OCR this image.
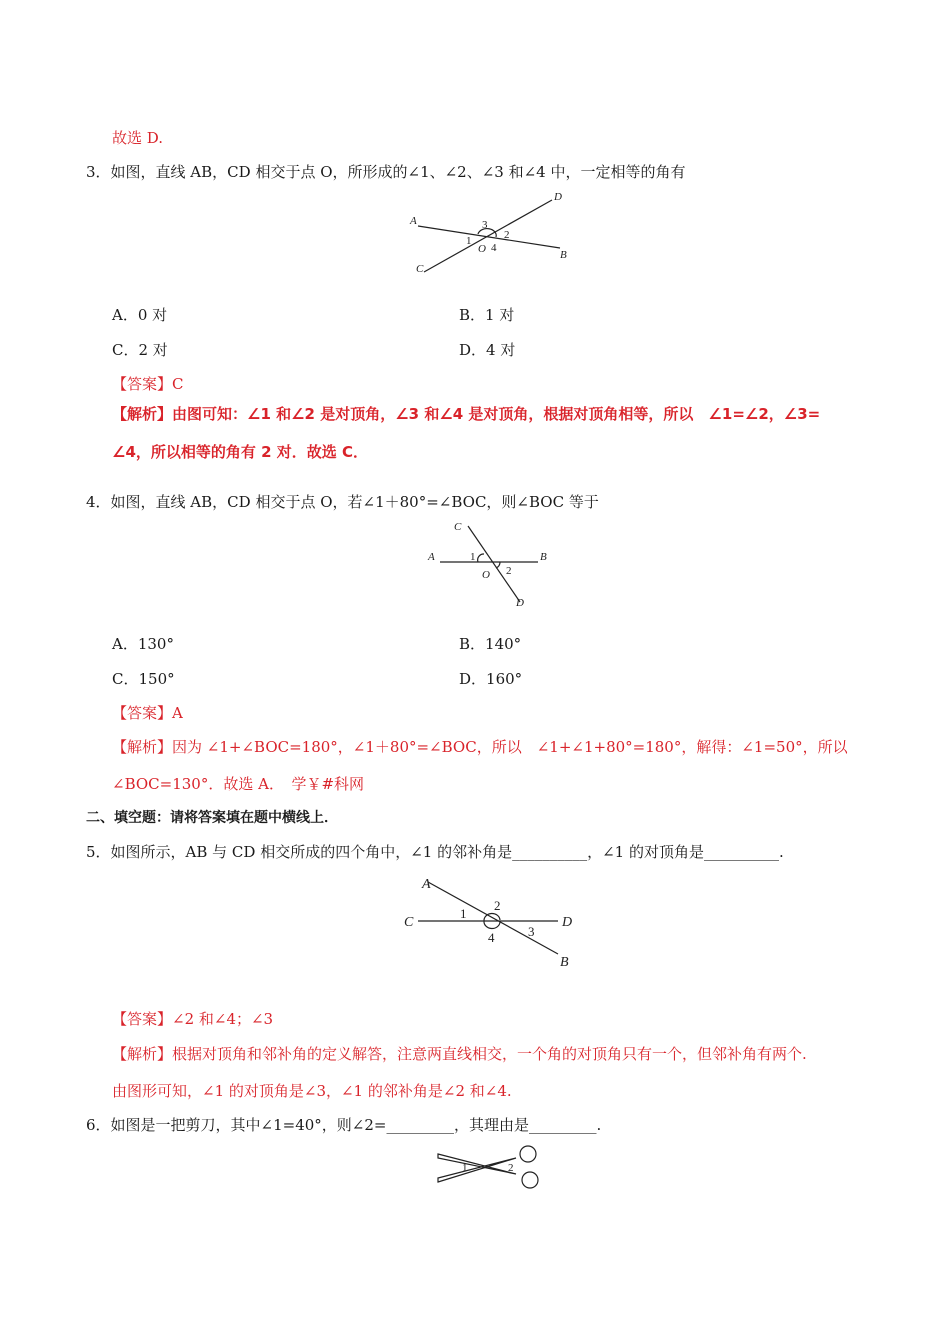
故选 D.
3．如图，直线 AB，CD 相交于点 O，所形成的∠1、∠2、∠3 和∠4 中，一定相等的角有
A
B
C
D
O
1	2
3
4
A．0 对	B．1 对
C．2 对	D．4 对
【答案】C
【解析】由图可知：∠1 和∠2 是对顶角，∠3 和∠4 是对顶角，根据对顶角相等，所以　∠1=∠2，∠3=
∠4，所以相等的角有 2 对．故选 C．
4．如图，直线 AB，CD 相交于点 O，若∠1＋80°=∠BOC，则∠BOC 等于
A	B
C
D
O
1
2
A．130°	B．140°
C．150°	D．160°
【答案】A
【解析】因为 ∠1+∠BOC=180°，∠1＋80°=∠BOC，所以　∠1+∠1+80°=180°，解得：∠1=50°，所以
∠BOC=130°．故选 A．　学￥#科网
二、填空题：请将答案填在题中横线上．
5．如图所示，AB 与 CD 相交所成的四个角中，∠1 的邻补角是__________，∠1 的对顶角是__________.
A
B
C	D
1
2
3
4
【答案】∠2 和∠4；∠3
【解析】根据对顶角和邻补角的定义解答，注意两直线相交，一个角的对顶角只有一个，但邻补角有两个.
由图形可知，∠1 的对顶角是∠3，∠1 的邻补角是∠2 和∠4.
6．如图是一把剪刀，其中∠1=40°，则∠2=_________，其理由是_________.
1	2
